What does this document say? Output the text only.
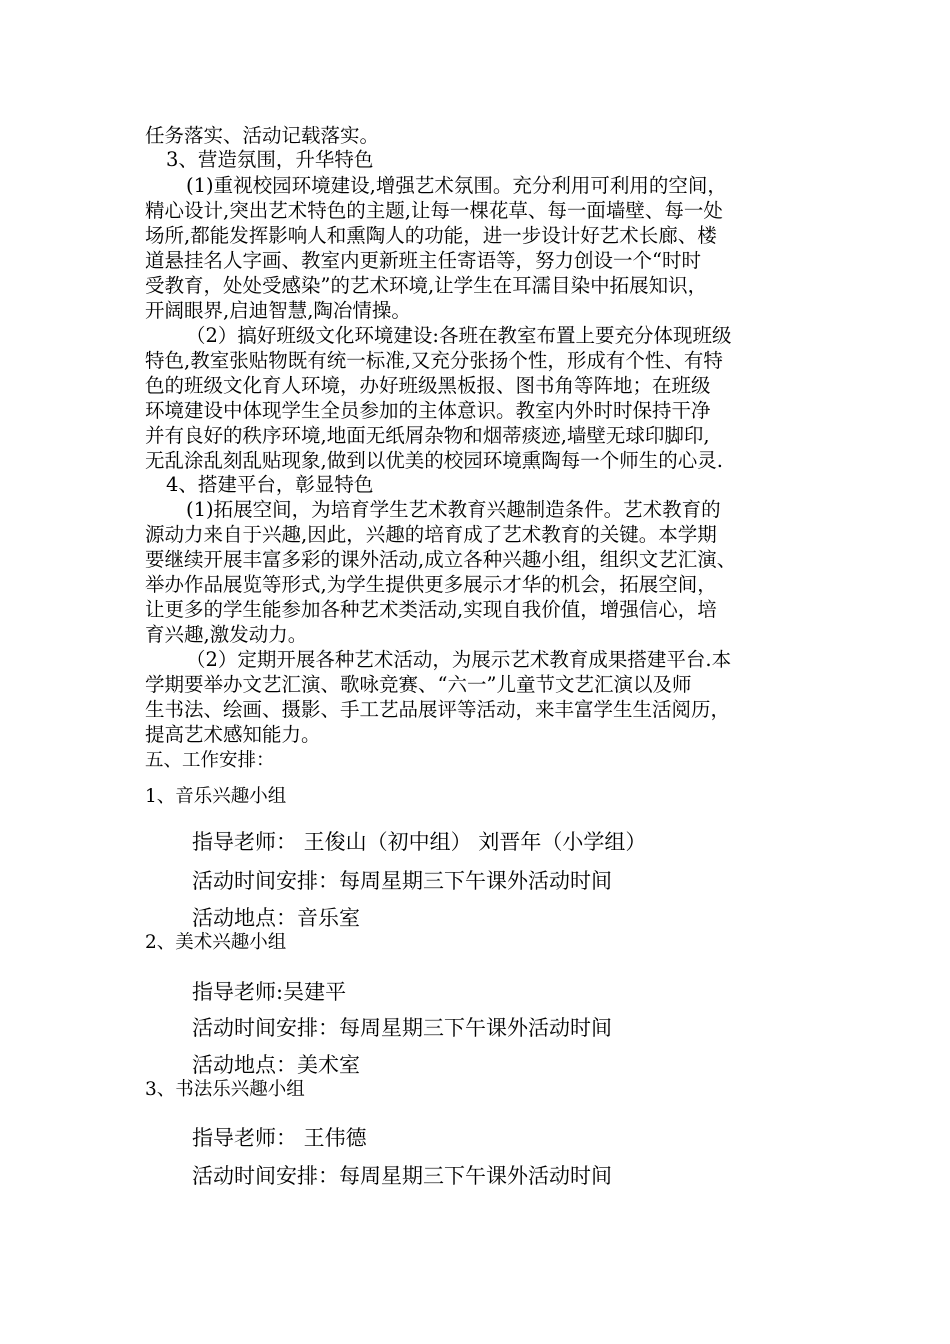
任务落实、活动记载落实。
3、营造氛围，升华特色
(1)重视校园环境建设,增强艺术氛围。充分利用可利用的空间，
精心设计,突出艺术特色的主题,让每一棵花草、每一面墙壁、每一处
场所,都能发挥影响人和熏陶人的功能，进一步设计好艺术长廊、楼
道悬挂名人字画、教室内更新班主任寄语等，努力创设一个“时时
受教育，处处受感染”的艺术环境,让学生在耳濡目染中拓展知识，
开阔眼界,启迪智慧,陶冶情操。
（2）搞好班级文化环境建设:各班在教室布置上要充分体现班级
特色,教室张贴物既有统一标准,又充分张扬个性，形成有个性、有特
色的班级文化育人环境，办好班级黑板报、图书角等阵地；在班级
环境建设中体现学生全员参加的主体意识。教室内外时时保持干净
并有良好的秩序环境,地面无纸屑杂物和烟蒂痰迹,墙壁无球印脚印,
无乱涂乱刻乱贴现象,做到以优美的校园环境熏陶每一个师生的心灵.
4、搭建平台，彰显特色
(1)拓展空间，为培育学生艺术教育兴趣制造条件。艺术教育的
源动力来自于兴趣,因此，兴趣的培育成了艺术教育的关键。本学期
要继续开展丰富多彩的课外活动,成立各种兴趣小组，组织文艺汇演、
举办作品展览等形式,为学生提供更多展示才华的机会，拓展空间，
让更多的学生能参加各种艺术类活动,实现自我价值，增强信心，培
育兴趣,激发动力。
（2）定期开展各种艺术活动，为展示艺术教育成果搭建平台.本
学期要举办文艺汇演、歌咏竞赛、“六一”儿童节文艺汇演以及师
生书法、绘画、摄影、手工艺品展评等活动，来丰富学生生活阅历，
提高艺术感知能力。
五、工作安排：
1、音乐兴趣小组
指导老师： 王俊山（初中组） 刘晋年（小学组）
活动时间安排：每周星期三下午课外活动时间
活动地点：音乐室
2、美术兴趣小组
指导老师:吴建平
活动时间安排：每周星期三下午课外活动时间
活动地点：美术室
3、书法乐兴趣小组
指导老师： 王伟德
活动时间安排：每周星期三下午课外活动时间
